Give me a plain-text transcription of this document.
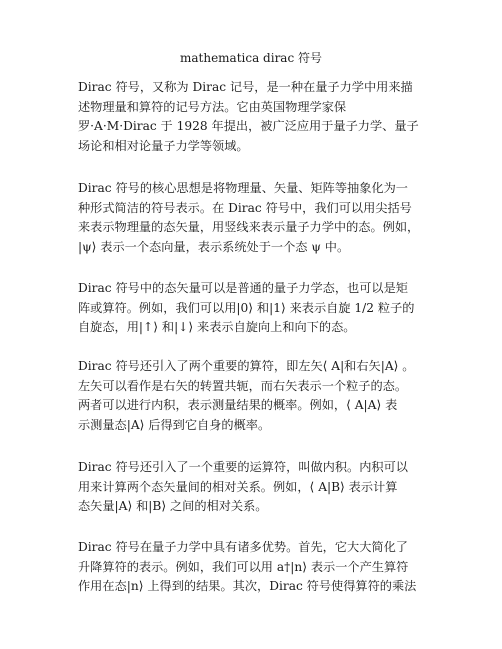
mathematica dirac 符号
Dirac 符号，又称为 Dirac 记号，是一种在量子力学中用来描
述物理量和算符的记号方法。它由英国物理学家保
罗·A·M·Dirac 于 1928 年提出，被广泛应用于量子力学、量子
场论和相对论量子力学等领域。
Dirac 符号的核心思想是将物理量、矢量、矩阵等抽象化为一
种形式简洁的符号表示。在 Dirac 符号中，我们可以用尖括号
来表示物理量的态矢量，用竖线来表示量子力学中的态。例如，
|ψ⟩ 表示一个态向量，表示系统处于一个态 ψ 中。
Dirac 符号中的态矢量可以是普通的量子力学态，也可以是矩
阵或算符。例如，我们可以用|0⟩ 和|1⟩ 来表示自旋 1/2 粒子的
自旋态，用|↑⟩ 和|↓⟩ 来表示自旋向上和向下的态。
Dirac 符号还引入了两个重要的算符，即左矢⟨ A|和右矢|A⟩ 。
左矢可以看作是右矢的转置共轭，而右矢表示一个粒子的态。
两者可以进行内积，表示测量结果的概率。例如，⟨ A|A⟩ 表
示测量态|A⟩ 后得到它自身的概率。
Dirac 符号还引入了一个重要的运算符，叫做内积。内积可以
用来计算两个态矢量间的相对关系。例如，⟨ A|B⟩ 表示计算
态矢量|A⟩ 和|B⟩ 之间的相对关系。
Dirac 符号在量子力学中具有诸多优势。首先，它大大简化了
升降算符的表示。例如，我们可以用 a†|n⟩ 表示一个产生算符
作用在态|n⟩ 上得到的结果。其次，Dirac 符号使得算符的乘法
